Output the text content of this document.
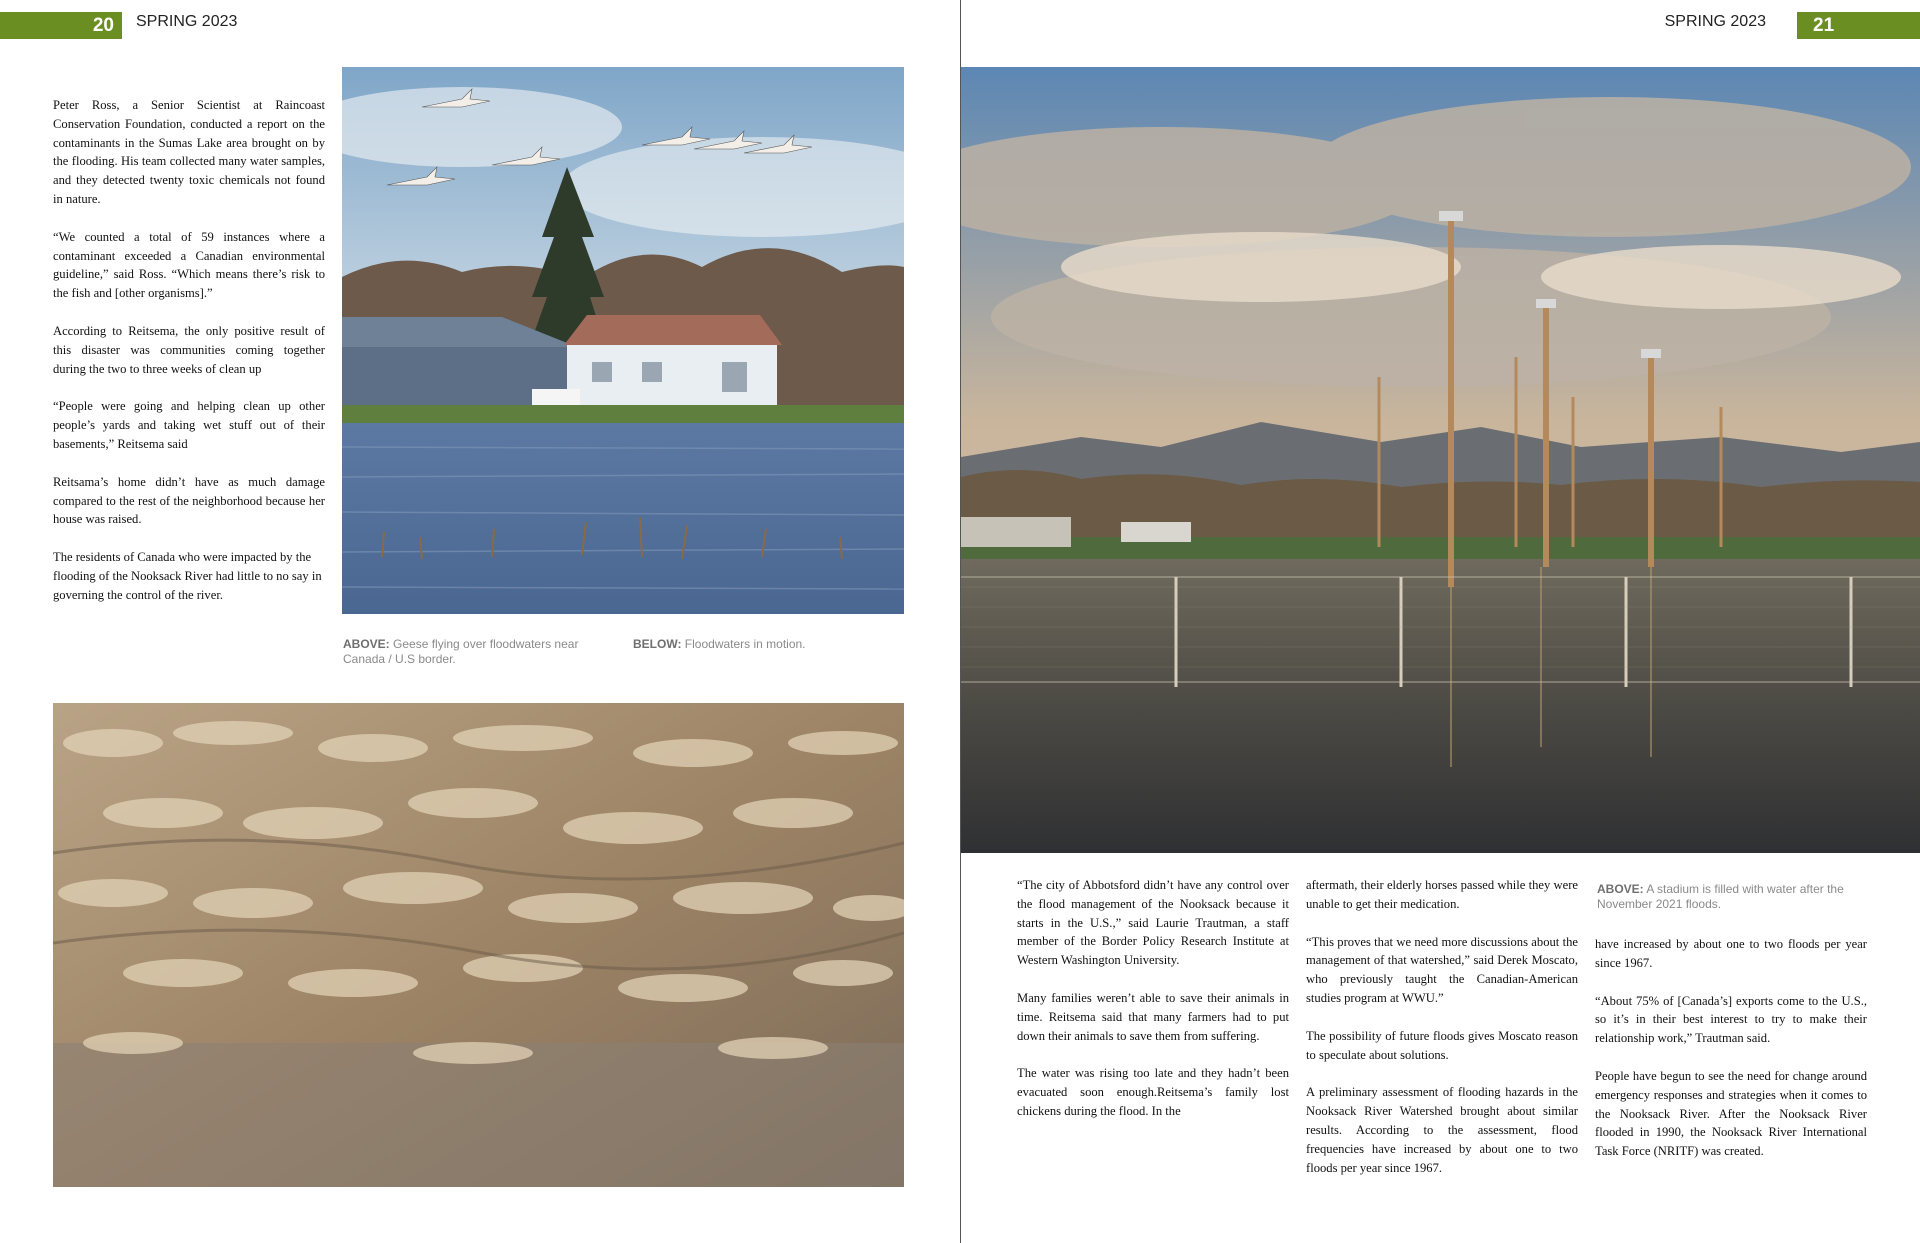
20 SPRING 2023

Peter Ross, a Senior Scientist at Raincoast Conservation Foundation, conducted a report on the contaminants in the Sumas Lake area brought on by the flooding. His team collected many water samples, and they detected twenty toxic chemicals not found in nature.

“We counted a total of 59 instances where a contaminant exceeded a Canadian environmental guideline,” said Ross. “Which means there’s risk to the fish and [other organisms].”

According to Reitsema, the only positive result of this disaster was communities coming together during the two to three weeks of clean up

“People were going and helping clean up other people’s yards and taking wet stuff out of their basements,” Reitsema said

Reitsama’s home didn’t have as much damage compared to the rest of the neighborhood because her house was raised.

The residents of Canada who were impacted by the flooding of the Nooksack River had little to no say in governing the control of the river.

ABOVE: Geese flying over floodwaters near Canada / U.S border.
BELOW: Floodwaters in motion.
SPRING 2023 21
ABOVE: A stadium is filled with water after the November 2021 floods.

“The city of Abbotsford didn’t have any control over the flood management of the Nooksack because it starts in the U.S.,” said Laurie Trautman, a staff member of the Border Policy Research Institute at Western Washington University.

Many families weren’t able to save their animals in time. Reitsema said that many farmers had to put down their animals to save them from suffering.

The water was rising too late and they hadn’t been evacuated soon enough.Reitsema’s family lost chickens during the flood. In the

aftermath, their elderly horses passed while they were unable to get their medication.

“This proves that we need more discussions about the management of that watershed,” said Derek Moscato, who previously taught the Canadian-American studies program at WWU.”

The possibility of future floods gives Moscato reason to speculate about solutions.

A preliminary assessment of flooding hazards in the Nooksack River Watershed brought about similar results. According to the assessment, flood frequencies have increased by about one to two floods per year since 1967.

have increased by about one to two floods per year since 1967.

“About 75% of [Canada’s] exports come to the U.S., so it’s in their best interest to try to make their relationship work,” Trautman said.

People have begun to see the need for change around emergency responses and strategies when it comes to the Nooksack River. After the Nooksack River flooded in 1990, the Nooksack River International Task Force (NRITF) was created.
